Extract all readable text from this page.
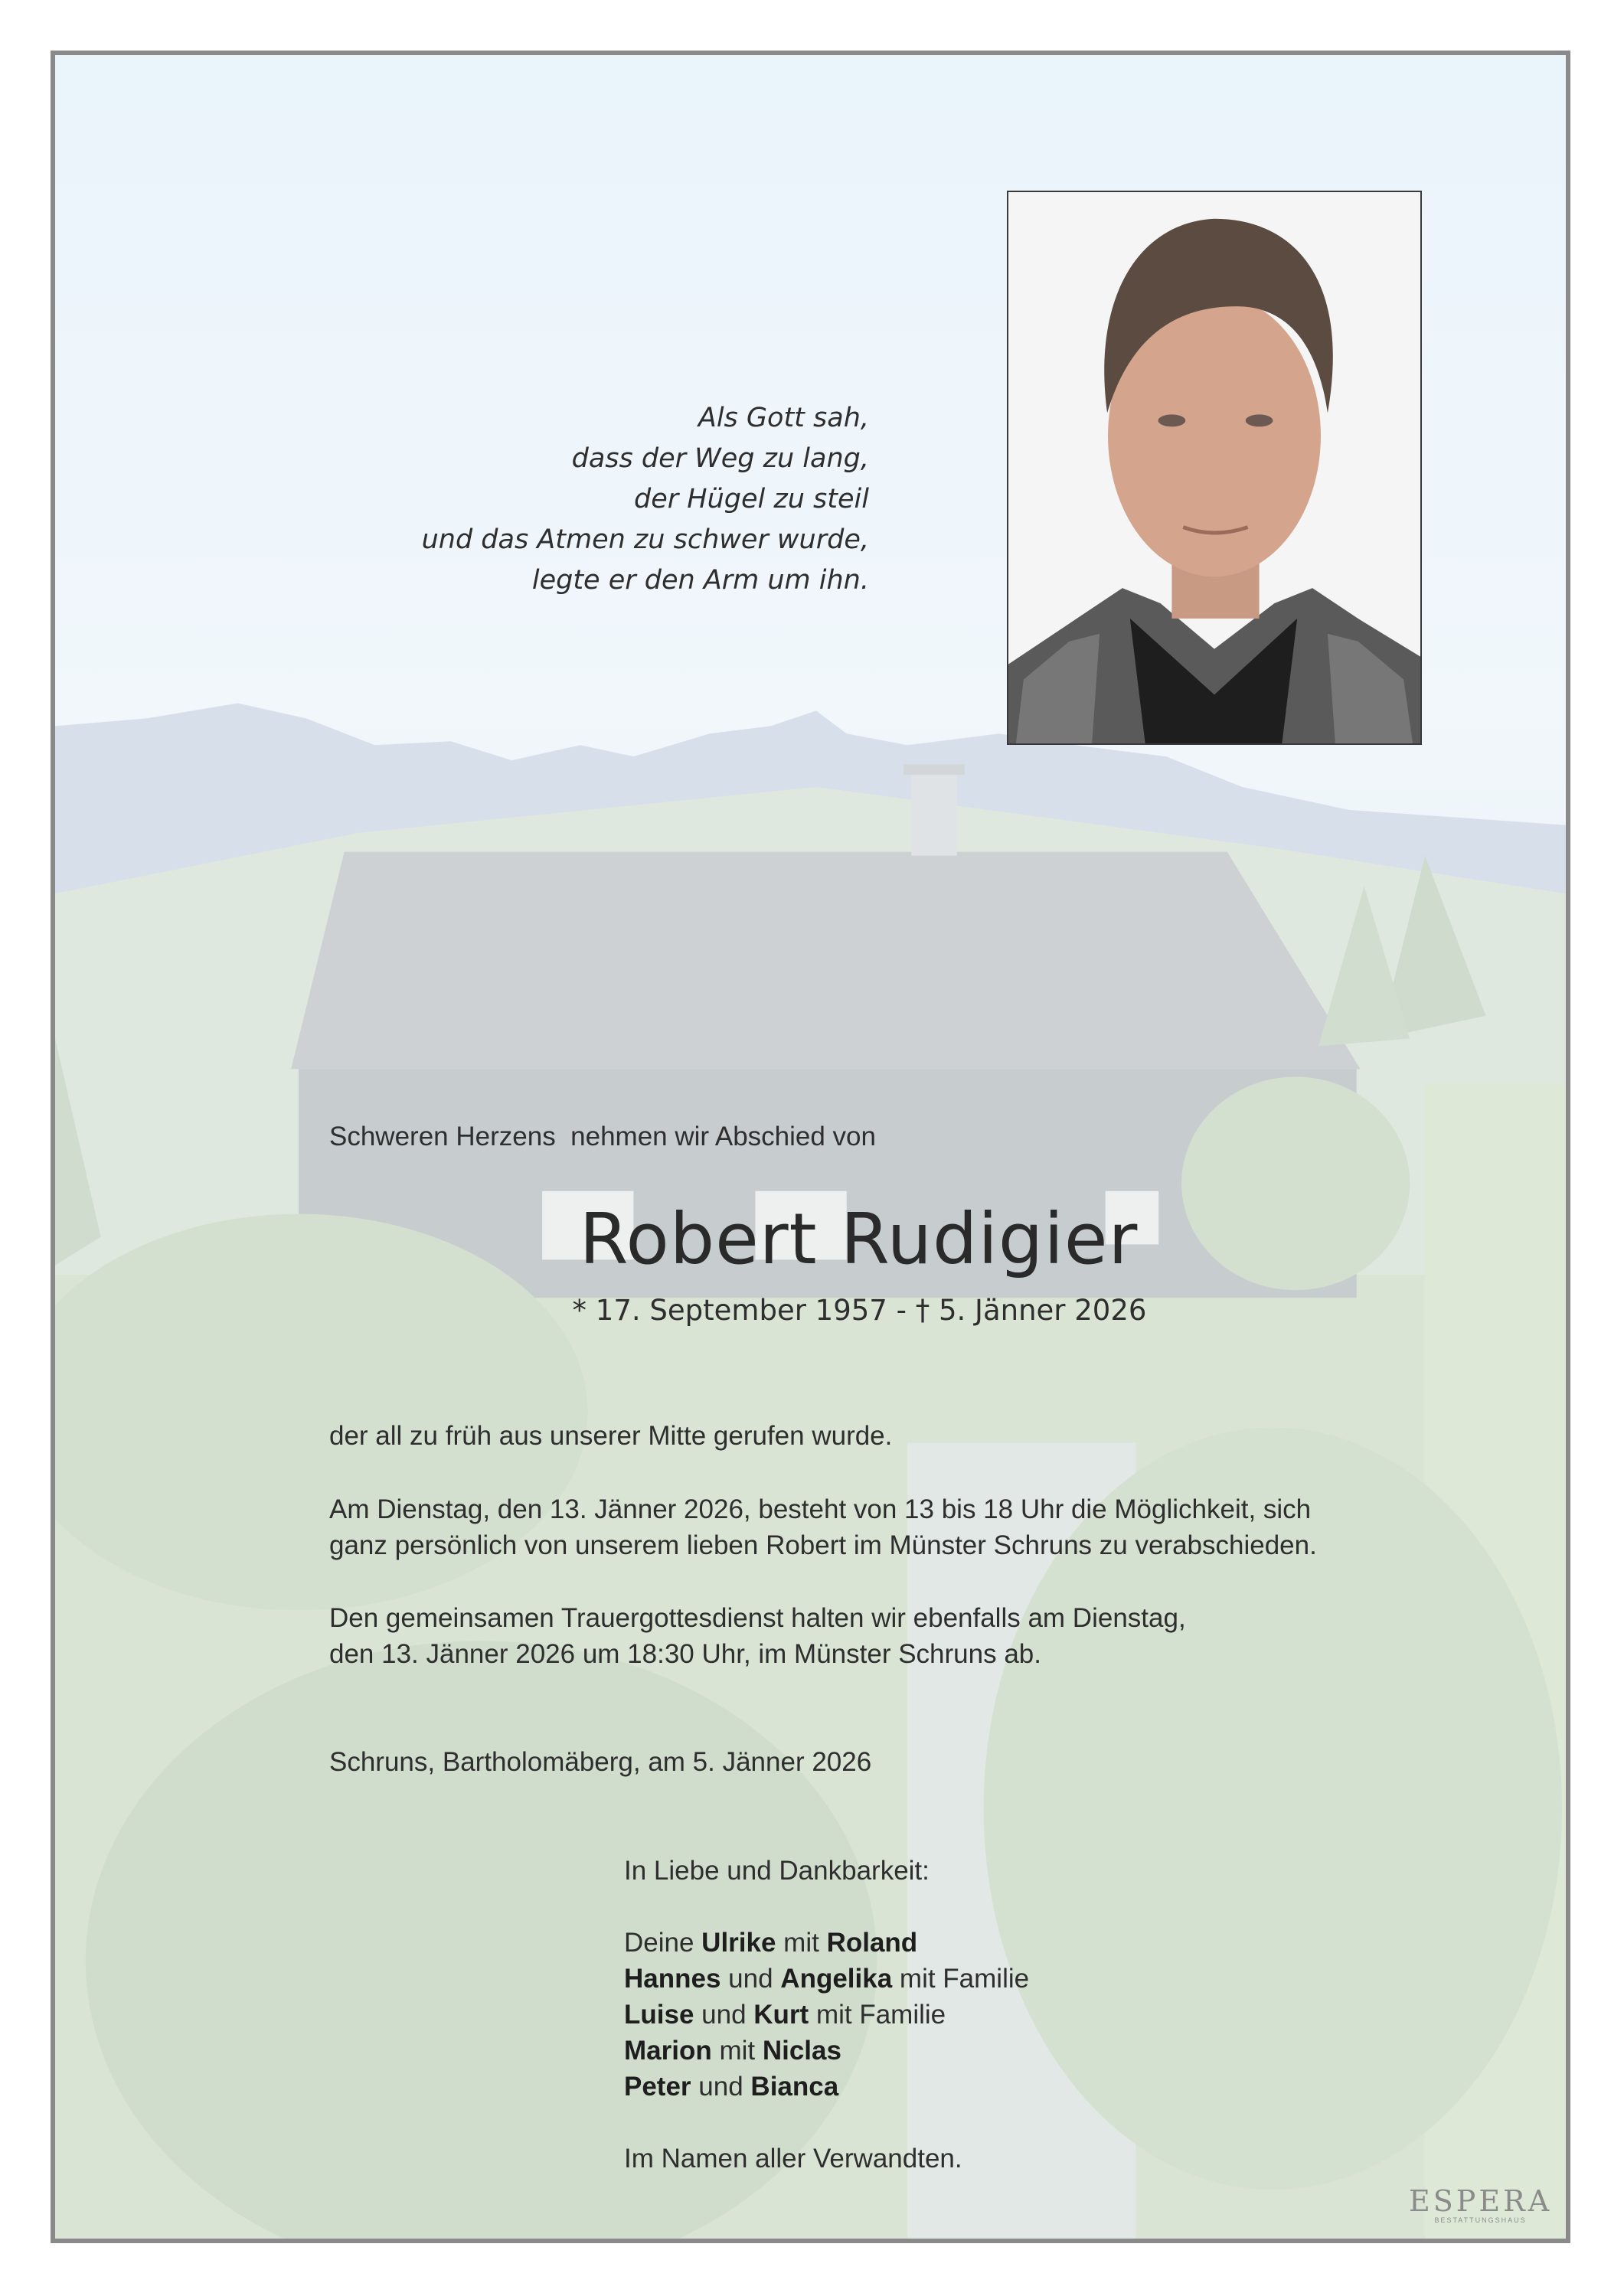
Als Gott sah,
dass der Weg zu lang,
der Hügel zu steil
und das Atmen zu schwer wurde,
legte er den Arm um ihn.
Schweren Herzens  nehmen wir Abschied von
Robert Rudigier
* 17. September 1957 - † 5. Jänner 2026
der all zu früh aus unserer Mitte gerufen wurde.
Am Dienstag, den 13. Jänner 2026, besteht von 13 bis 18 Uhr die Möglichkeit, sich
ganz persönlich von unserem lieben Robert im Münster Schruns zu verabschieden.
Den gemeinsamen Trauergottesdienst halten wir ebenfalls am Dienstag,
den 13. Jänner 2026 um 18:30 Uhr, im Münster Schruns ab.
Schruns, Bartholomäberg, am 5. Jänner 2026
In Liebe und Dankbarkeit:
Deine Ulrike mit Roland
Hannes und Angelika mit Familie
Luise und Kurt mit Familie
Marion mit Niclas
Peter und Bianca
Im Namen aller Verwandten.
ESPERA
BESTATTUNGSHAUS
